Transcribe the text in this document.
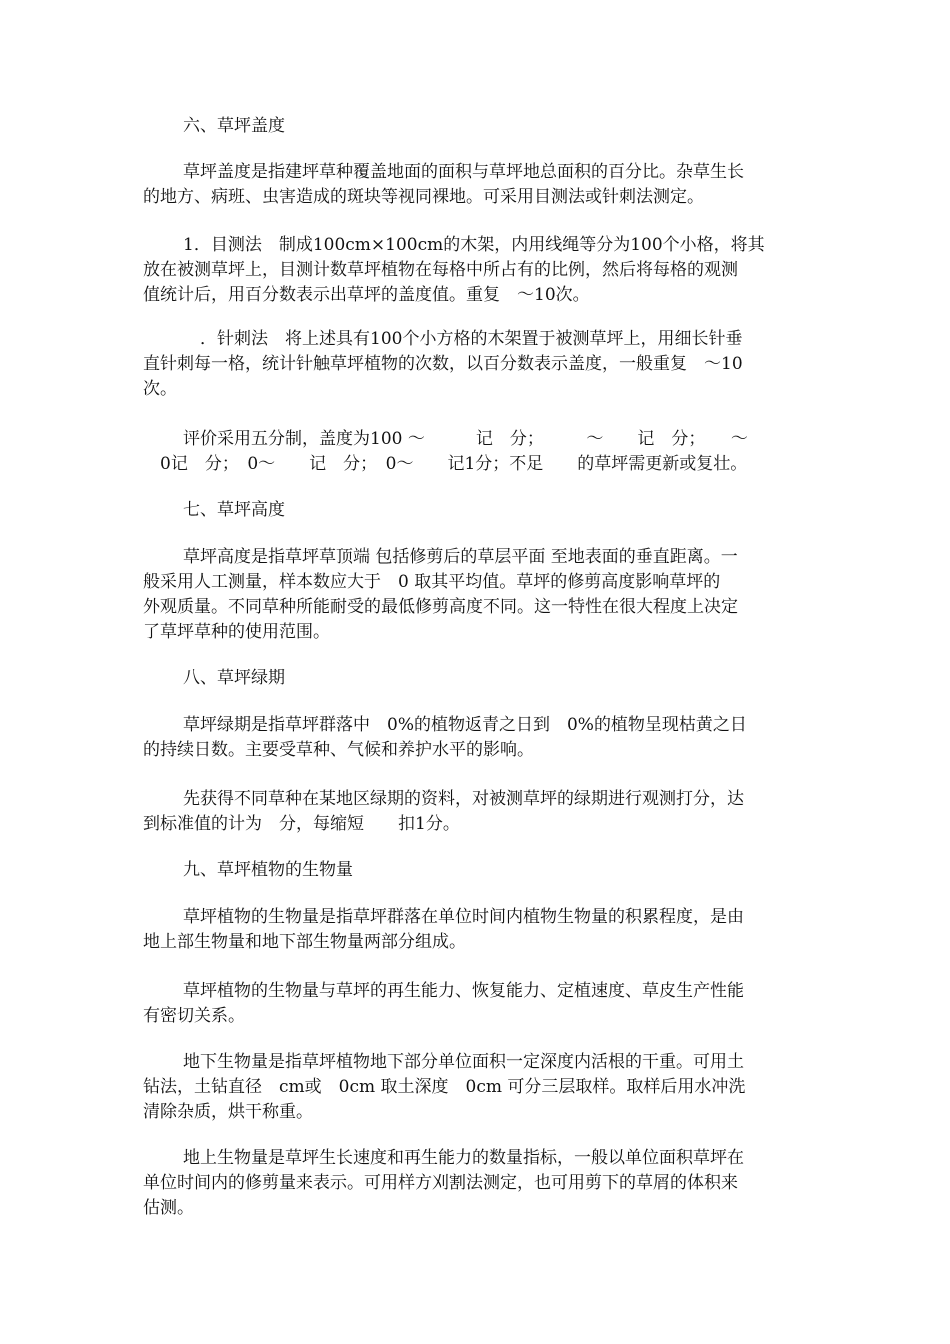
六、草坪盖度
草坪盖度是指建坪草种覆盖地面的面积与草坪地总面积的百分比。杂草生长
的地方、病班、虫害造成的斑块等视同裸地。可采用目测法或针刺法测定。
1．目测法　制成100cm×100cm的木架，内用线绳等分为100个小格，将其
放在被测草坪上，目测计数草坪植物在每格中所占有的比例，然后将每格的观测
值统计后，用百分数表示出草坪的盖度值。重复　～10次。
　．针刺法　将上述具有100个小方格的木架置于被测草坪上，用细长针垂
直针刺每一格，统计针触草坪植物的次数，以百分数表示盖度，一般重复　～10
次。
评价采用五分制，盖度为100 ～　　　记　分；　　　～　　记　分；　　～
　0记　分；　0～　　记　分；　0～　　记1分；不足　　的草坪需更新或复壮。
七、草坪高度
草坪高度是指草坪草顶端 包括修剪后的草层平面 至地表面的垂直距离。一
般采用人工测量，样本数应大于　0 取其平均值。草坪的修剪高度影响草坪的
外观质量。不同草种所能耐受的最低修剪高度不同。这一特性在很大程度上决定
了草坪草种的使用范围。
八、草坪绿期
草坪绿期是指草坪群落中　0%的植物返青之日到　0%的植物呈现枯黄之日
的持续日数。主要受草种、气候和养护水平的影响。
先获得不同草种在某地区绿期的资料，对被测草坪的绿期进行观测打分，达
到标准值的计为　分，每缩短　　扣1分。
九、草坪植物的生物量
草坪植物的生物量是指草坪群落在单位时间内植物生物量的积累程度，是由
地上部生物量和地下部生物量两部分组成。
草坪植物的生物量与草坪的再生能力、恢复能力、定植速度、草皮生产性能
有密切关系。
地下生物量是指草坪植物地下部分单位面积一定深度内活根的干重。可用土
钻法，土钻直径　cm或　0cm 取土深度　0cm 可分三层取样。取样后用水冲洗
清除杂质，烘干称重。
地上生物量是草坪生长速度和再生能力的数量指标，一般以单位面积草坪在
单位时间内的修剪量来表示。可用样方刈割法测定，也可用剪下的草屑的体积来
估测。
